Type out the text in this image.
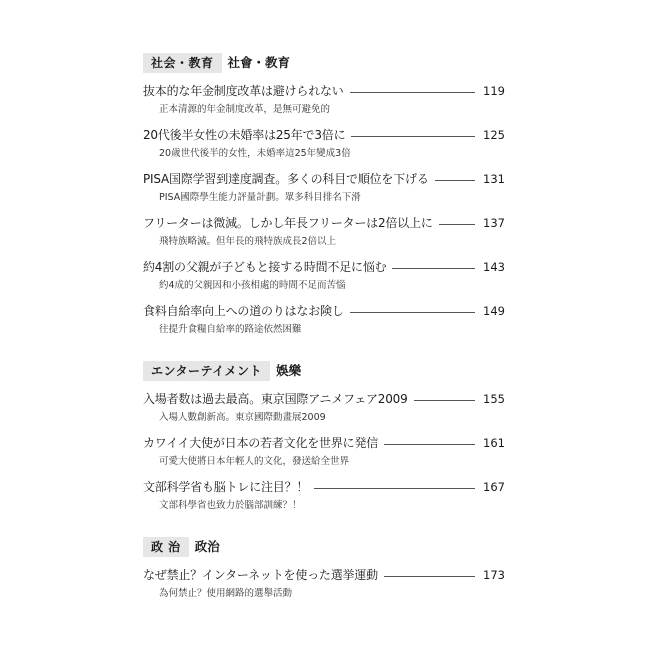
社会・教育	社會・教育
抜本的な年金制度改革は避けられない	119
正本清源的年金制度改革，是無可避免的
20代後半女性の未婚率は25年で3倍に	125
20歲世代後半的女性，未婚率這25年變成3倍
PISA国際学習到達度調査。多くの科目で順位を下げる	131
PISA國際學生能力評量計劃。眾多科目排名下滑
フリーターは微減。しかし年長フリーターは2倍以上に	137
飛特族略減。但年長的飛特族成長2倍以上
約4割の父親が子どもと接する時間不足に悩む	143
約4成的父親因和小孩相處的時間不足而苦惱
食料自給率向上への道のりはなお険し	149
往提升食糧自給率的路途依然困難
エンターテイメント	娛樂
入場者数は過去最高。東京国際アニメフェア2009	155
入場人數創新高。東京國際動畫展2009
カワイイ大使が日本の若者文化を世界に発信	161
可愛大使將日本年輕人的文化，發送給全世界
文部科学省も脳トレに注目？！	167
文部科學省也致力於腦部訓練？！
政 治	政治
なぜ禁止？インターネットを使った選挙運動	173
為何禁止？使用網路的選舉活動
